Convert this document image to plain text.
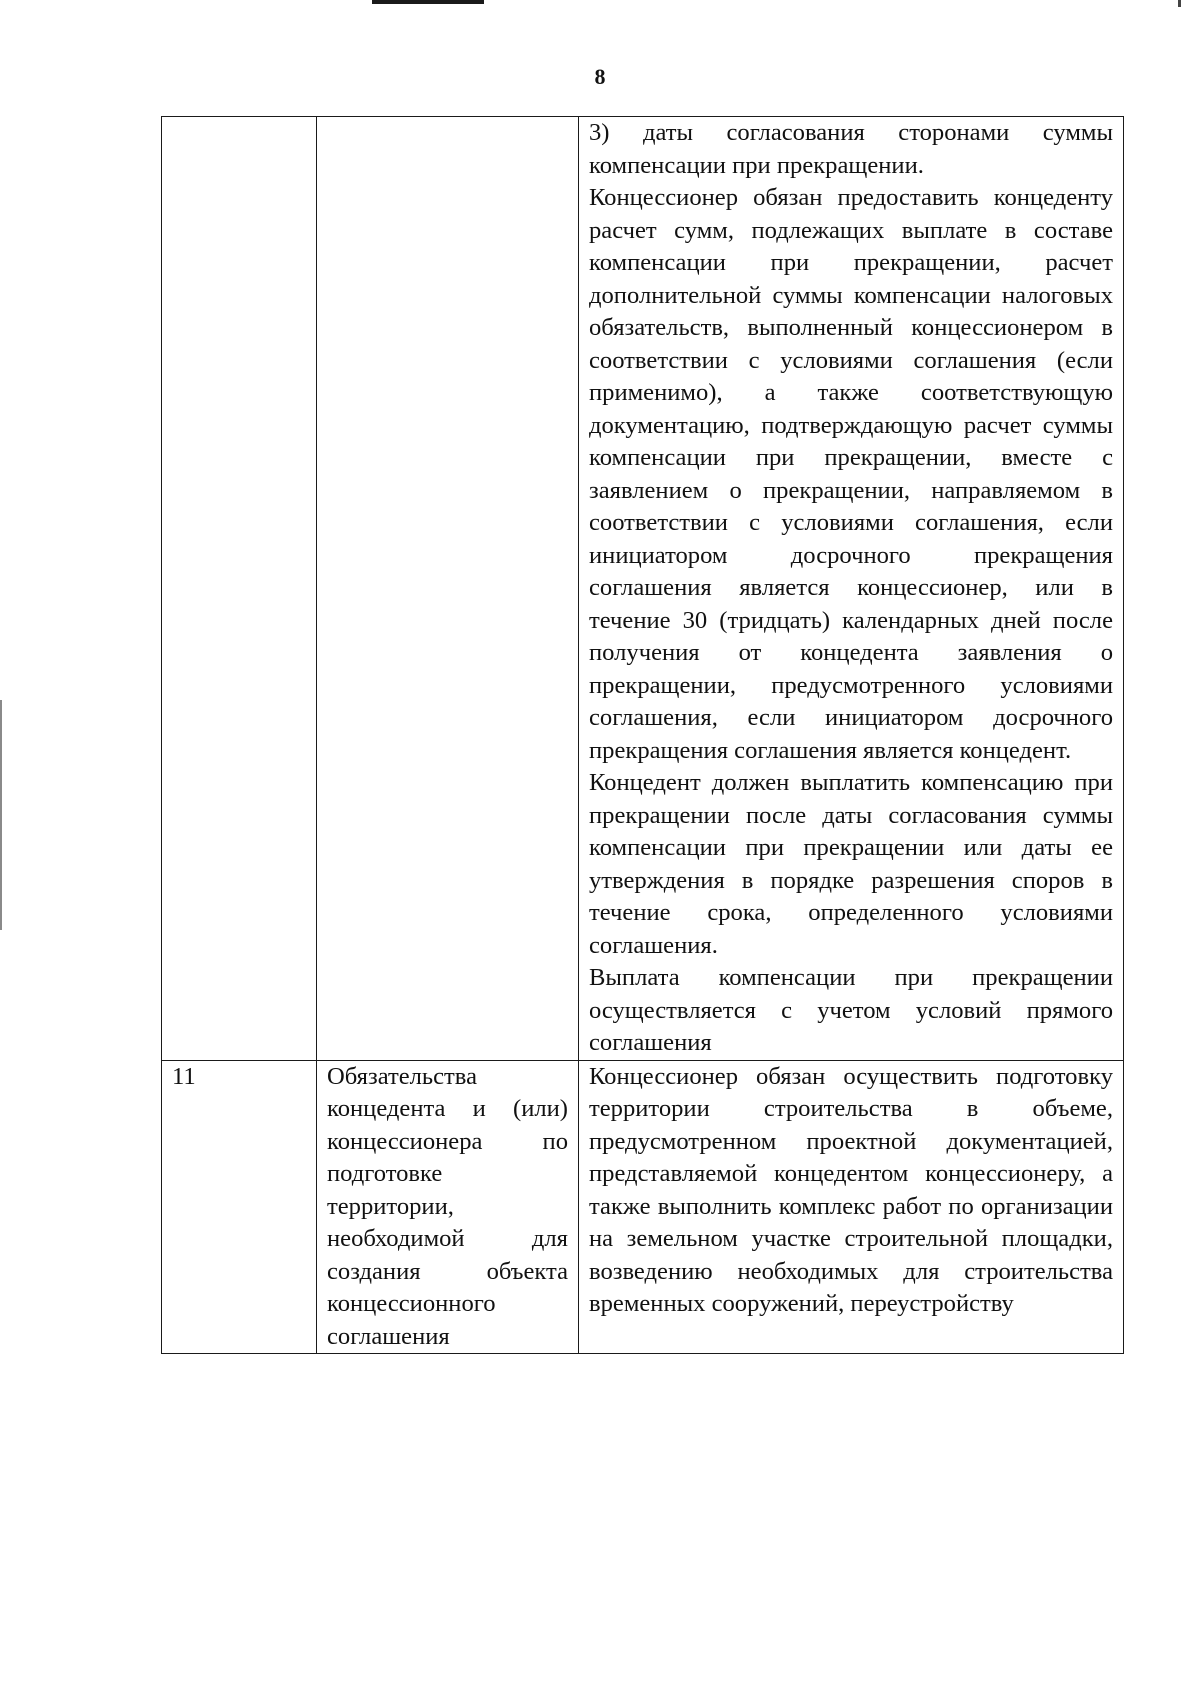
8

		3) даты согласования сторонами суммы компенсации при прекращении.

Концессионер обязан предоставить концеденту расчет сумм, подлежащих выплате в составе компенсации при прекращении, расчет дополнительной суммы компенсации налоговых обязательств, выполненный концессионером в соответствии с условиями соглашения (если применимо), а также соответствующую документацию, подтверждающую расчет суммы компенсации при прекращении, вместе с заявлением о прекращении, направляемом в соответствии с условиями соглашения, если инициатором досрочного прекращения соглашения является концессионер, или в течение 30 (тридцать) календарных дней после получения от концедента заявления о прекращении, предусмотренного условиями соглашения, если инициатором досрочного прекращения соглашения является концедент.

Концедент должен выплатить компенсацию при прекращении после даты согласования суммы компенсации при прекращении или даты ее утверждения в порядке разрешения споров в течение срока, определенного условиями соглашения.

Выплата компенсации при прекращении осуществляется с учетом условий прямого соглашения

11	Обязательства концедента и (или) концессионера по подготовке территории, необходимой для создания объекта концессионного соглашения	Концессионер обязан осуществить подготовку территории строительства в объеме, предусмотренном проектной документацией, представляемой концедентом концессионеру, а также выполнить комплекс работ по организации на земельном участке строительной площадки, возведению необходимых для строительства временных сооружений, переустройству
